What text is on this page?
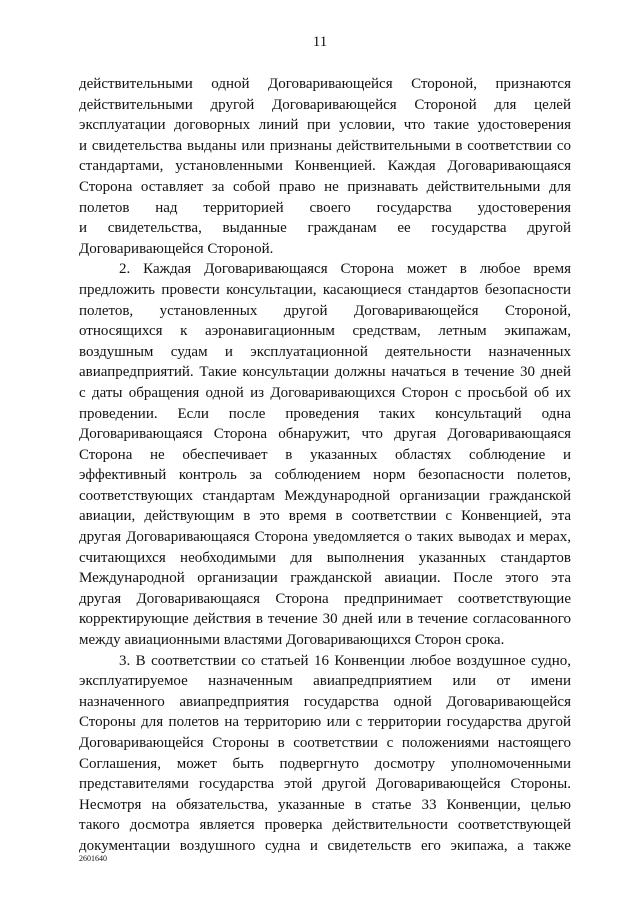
11
действительными одной Договаривающейся Стороной, признаются
действительными другой Договаривающейся Стороной для целей
эксплуатации договорных линий при условии, что такие удостоверения
и свидетельства выданы или признаны действительными в соответствии со
стандартами, установленными Конвенцией. Каждая Договаривающаяся
Сторона оставляет за собой право не признавать действительными для
полетов над территорией своего государства удостоверения
и свидетельства, выданные гражданам ее государства другой
Договаривающейся Стороной.
2. Каждая Договаривающаяся Сторона может в любое время
предложить провести консультации, касающиеся стандартов безопасности
полетов, установленных другой Договаривающейся Стороной,
относящихся к аэронавигационным средствам, летным экипажам,
воздушным судам и эксплуатационной деятельности назначенных
авиапредприятий. Такие консультации должны начаться в течение 30 дней
с даты обращения одной из Договаривающихся Сторон с просьбой об их
проведении. Если после проведения таких консультаций одна
Договаривающаяся Сторона обнаружит, что другая Договаривающаяся
Сторона не обеспечивает в указанных областях соблюдение и
эффективный контроль за соблюдением норм безопасности полетов,
соответствующих стандартам Международной организации гражданской
авиации, действующим в это время в соответствии с Конвенцией, эта
другая Договаривающаяся Сторона уведомляется о таких выводах и мерах,
считающихся необходимыми для выполнения указанных стандартов
Международной организации гражданской авиации. После этого эта
другая Договаривающаяся Сторона предпринимает соответствующие
корректирующие действия в течение 30 дней или в течение согласованного
между авиационными властями Договаривающихся Сторон срока.
3. В соответствии со статьей 16 Конвенции любое воздушное судно,
эксплуатируемое назначенным авиапредприятием или от имени
назначенного авиапредприятия государства одной Договаривающейся
Стороны для полетов на территорию или с территории государства другой
Договаривающейся Стороны в соответствии с положениями настоящего
Соглашения, может быть подвергнуто досмотру уполномоченными
представителями государства этой другой Договаривающейся Стороны.
Несмотря на обязательства, указанные в статье 33 Конвенции, целью
такого досмотра является проверка действительности соответствующей
документации воздушного судна и свидетельств его экипажа, а также
2601640
